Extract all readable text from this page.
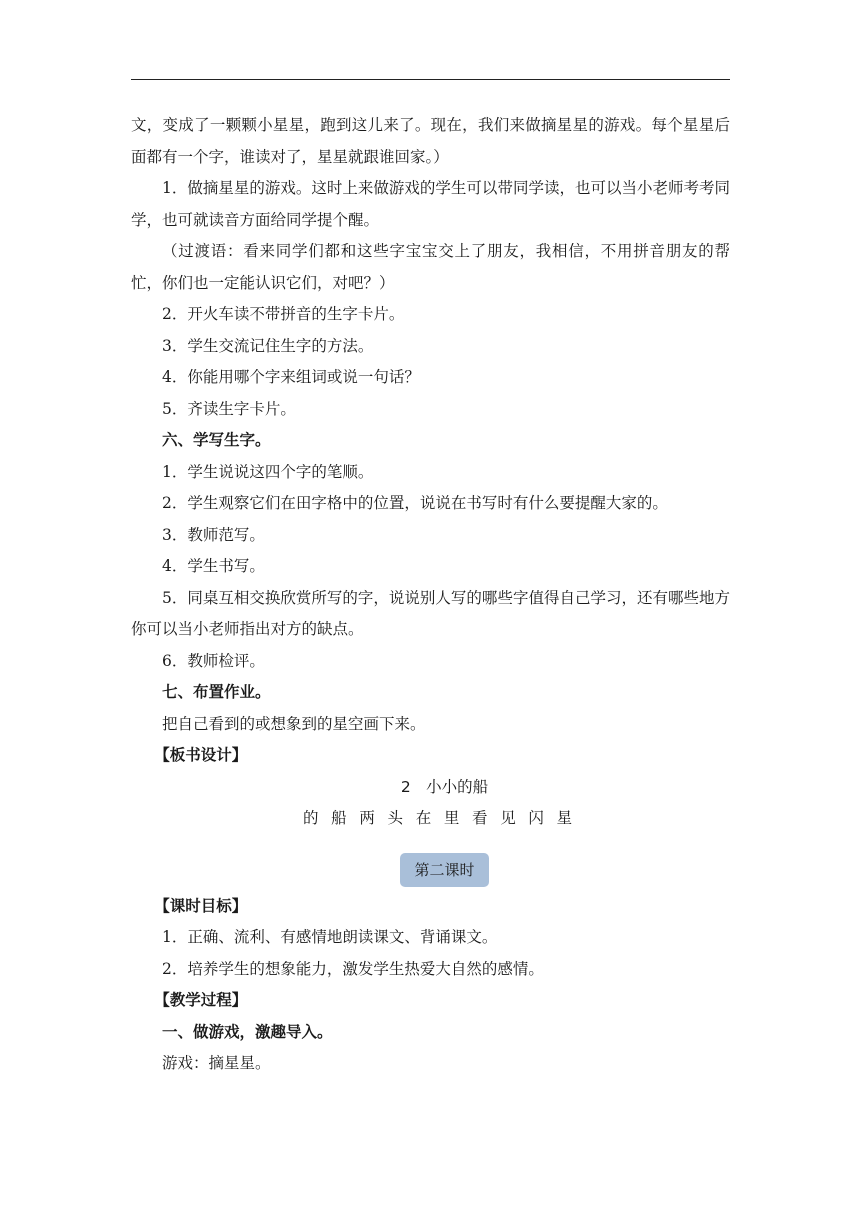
文，变成了一颗颗小星星，跑到这儿来了。现在，我们来做摘星星的游戏。每个星星后面都有一个字，谁读对了，星星就跟谁回家。）

1．做摘星星的游戏。这时上来做游戏的学生可以带同学读，也可以当小老师考考同学，也可就读音方面给同学提个醒。

（过渡语：看来同学们都和这些字宝宝交上了朋友，我相信，不用拼音朋友的帮忙，你们也一定能认识它们，对吧？）

2．开火车读不带拼音的生字卡片。

3．学生交流记住生字的方法。

4．你能用哪个字来组词或说一句话？

5．齐读生字卡片。

六、学写生字。

1．学生说说这四个字的笔顺。

2．学生观察它们在田字格中的位置，说说在书写时有什么要提醒大家的。

3．教师范写。

4．学生书写。

5．同桌互相交换欣赏所写的字，说说别人写的哪些字值得自己学习，还有哪些地方你可以当小老师指出对方的缺点。

6．教师检评。

七、布置作业。

把自己看到的或想象到的星空画下来。

【板书设计】

2　小小的船

的 船 两 头 在 里 看 见 闪 星

第二课时

【课时目标】

1．正确、流利、有感情地朗读课文、背诵课文。

2．培养学生的想象能力，激发学生热爱大自然的感情。

【教学过程】

一、做游戏，激趣导入。

游戏：摘星星。
